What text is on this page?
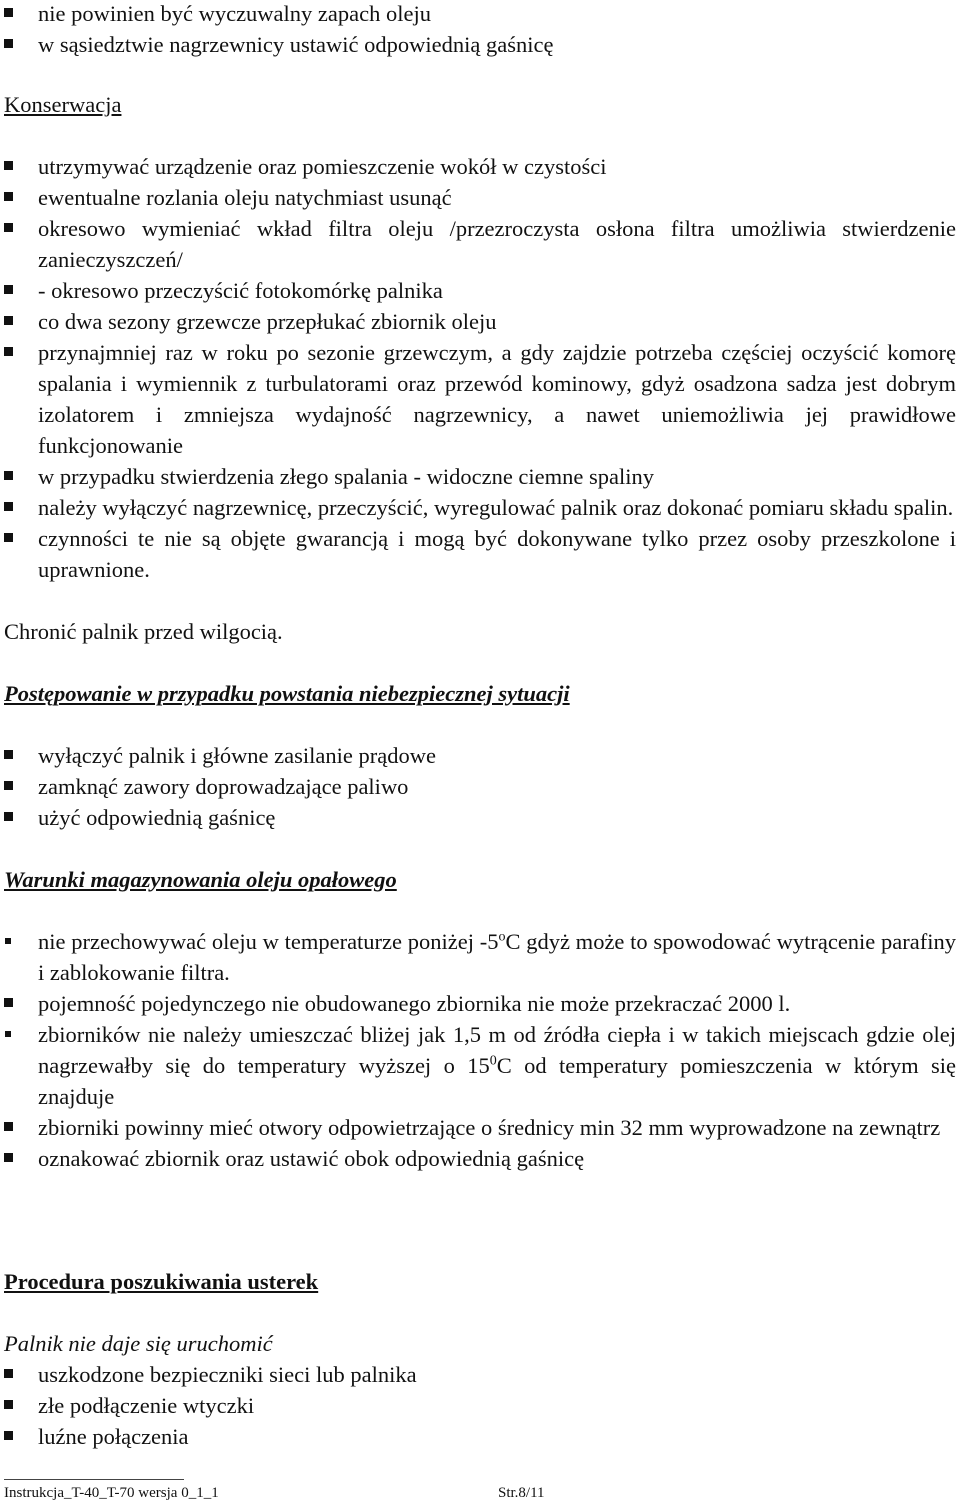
nie powinien być wyczuwalny zapach oleju
w sąsiedztwie nagrzewnicy ustawić odpowiednią gaśnicę
Konserwacja
utrzymywać urządzenie oraz pomieszczenie wokół w czystości
ewentualne rozlania oleju natychmiast usunąć
okresowo wymieniać wkład filtra oleju /przezroczysta osłona filtra umożliwia stwierdzenie zanieczyszczeń/
- okresowo przeczyścić fotokomórkę palnika
co dwa sezony grzewcze przepłukać zbiornik oleju
przynajmniej raz w roku po sezonie grzewczym, a gdy zajdzie potrzeba częściej oczyścić komorę spalania i wymiennik z turbulatorami oraz przewód kominowy, gdyż osadzona sadza jest dobrym izolatorem i zmniejsza wydajność nagrzewnicy, a nawet uniemożliwia jej prawidłowe funkcjonowanie
w przypadku stwierdzenia złego spalania - widoczne ciemne spaliny
należy wyłączyć nagrzewnicę, przeczyścić, wyregulować palnik oraz dokonać pomiaru składu spalin.
czynności te nie są objęte gwarancją i mogą być dokonywane tylko przez osoby przeszkolone i uprawnione.

Chronić palnik przed wilgocią.

Postępowanie w przypadku powstania niebezpiecznej sytuacji
wyłączyć palnik i główne zasilanie prądowe
zamknąć zawory doprowadzające paliwo
użyć odpowiednią gaśnicę
Warunki magazynowania oleju opałowego
nie przechowywać oleju w temperaturze poniżej -5$^o$C gdyż może to spowodować wytrącenie parafiny i zablokowanie filtra.
pojemność pojedynczego nie obudowanego zbiornika nie może przekraczać 2000 l.
zbiorników nie należy umieszczać bliżej jak 1,5 m od źródła ciepła i w takich miejscach gdzie olej nagrzewałby się do temperatury wyższej o $15^0C$ od temperatury pomieszczenia w którym się znajduje
zbiorniki powinny mieć otwory odpowietrzające o średnicy min 32 mm wyprowadzone na zewnątrz
oznakować zbiornik oraz ustawić obok odpowiednią gaśnicę
Procedura poszukiwania usterek

Palnik nie daje się uruchomić

uszkodzone bezpieczniki sieci lub palnika
złe podłączenie wtyczki
luźne połączenia
Instrukcja_T-40_T-70 wersja 0_1_1	Str.8/11
